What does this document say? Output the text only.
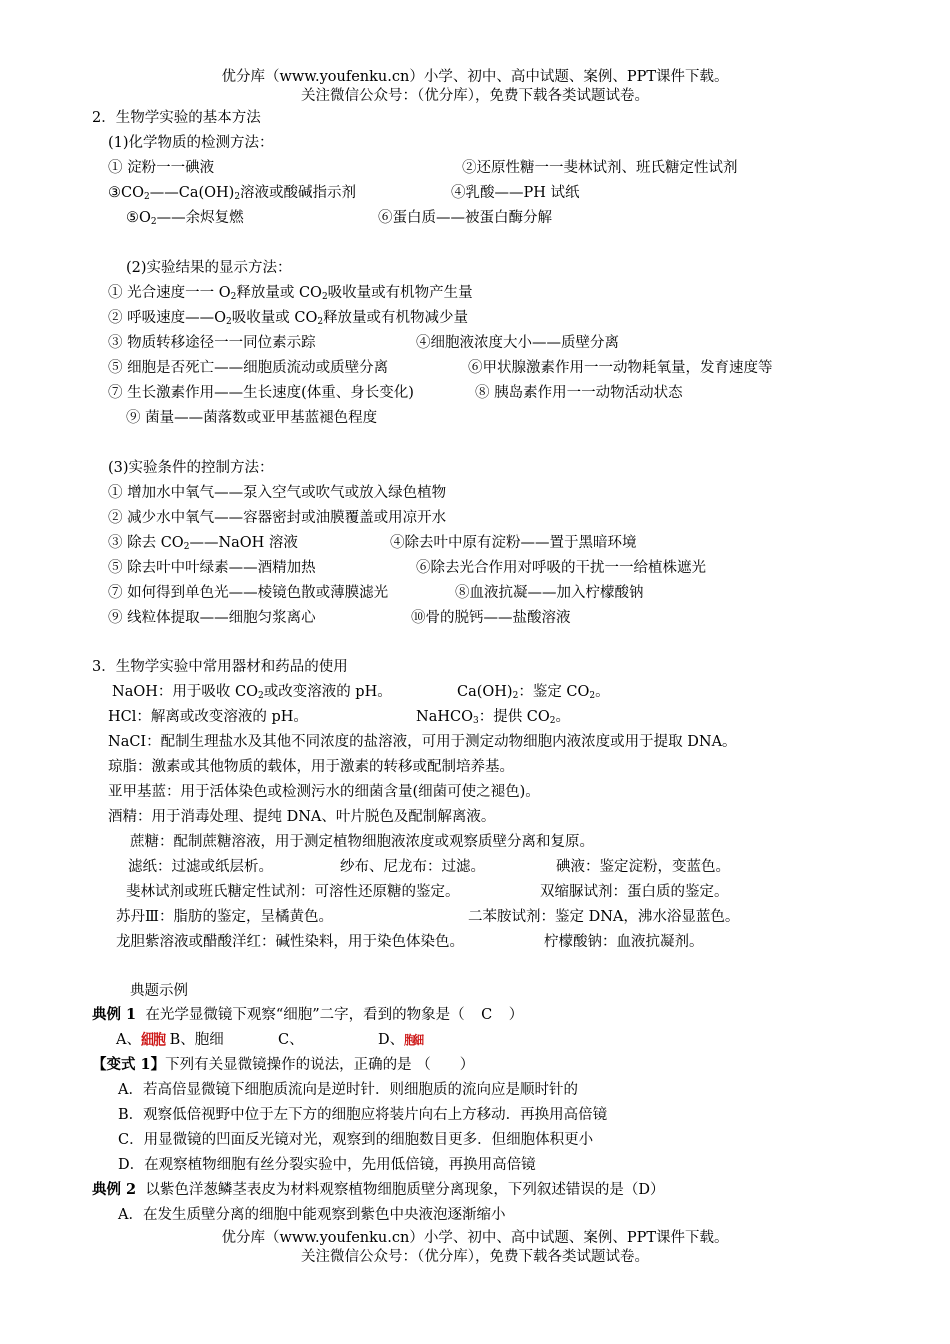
优分库（www.youfenku.cn）小学、初中、高中试题、案例、PPT课件下载。
关注微信公众号：（优分库），免费下载各类试题试卷。
2．生物学实验的基本方法
(1)化学物质的检测方法：
① 淀粉一一碘液	②还原性糖一一斐林试剂、班氏糖定性试剂
$③CO_2——Ca(OH)_2$溶液或酸碱指示剂	④乳酸——PH 试纸
$⑤O_2——$余烬复燃	⑥蛋白质——被蛋白酶分解
(2)实验结果的显示方法：
① 光合速度一一 $O_2$释放量或 $CO_2$吸收量或有机物产生量
② 呼吸速度$——O_2$吸收量或 $CO_2$释放量或有机物减少量
③ 物质转移途径一一同位素示踪	④细胞液浓度大小——质壁分离
⑤ 细胞是否死亡——细胞质流动或质壁分离	⑥甲状腺激素作用一一动物耗氧量，发育速度等
⑦ 生长激素作用——生长速度(体重、身长变化)	⑧ 胰岛素作用一一动物活动状态
⑨ 菌量——菌落数或亚甲基蓝褪色程度
(3)实验条件的控制方法：
① 增加水中氧气——泵入空气或吹气或放入绿色植物
② 减少水中氧气——容器密封或油膜覆盖或用凉开水
③ 除去 $CO_2——NaOH$ 溶液	④除去叶中原有淀粉——置于黑暗环境
⑤ 除去叶中叶绿素——酒精加热	⑥除去光合作用对呼吸的干扰一一给植株遮光
⑦ 如何得到单色光——棱镜色散或薄膜滤光	⑧血液抗凝——加入柠檬酸钠
⑨ 线粒体提取——细胞匀浆离心	⑩骨的脱钙——盐酸溶液
3．生物学实验中常用器材和药品的使用
NaOH：用于吸收 $CO_2$或改变溶液的 pH。	$Ca(OH)_2$：鉴定 $CO_2$。
HCl：解离或改变溶液的 pH。	NaHCO$_3$：提供 $CO_2$。
NaCI：配制生理盐水及其他不同浓度的盐溶液，可用于测定动物细胞内液浓度或用于提取 DNA。
琼脂：激素或其他物质的载体，用于激素的转移或配制培养基。
亚甲基蓝：用于活体染色或检测污水的细菌含量(细菌可使之褪色)。
酒精：用于消毒处理、提纯 DNA、叶片脱色及配制解离液。
蔗糖：配制蔗糖溶液，用于测定植物细胞液浓度或观察质壁分离和复原。
滤纸：过滤或纸层析。	纱布、尼龙布：过滤。	碘液：鉴定淀粉，变蓝色。
斐林试剂或班氏糖定性试剂：可溶性还原糖的鉴定。	双缩脲试剂：蛋白质的鉴定。
苏丹Ⅲ：脂肪的鉴定，呈橘黄色。	二苯胺试剂：鉴定 DNA，沸水浴显蓝色。
龙胆紫溶液或醋酸洋红：碱性染料，用于染色体染色。	柠檬酸钠：血液抗凝剂。
典题示例
典例 1 在光学显微镜下观察“细胞”二字，看到的物象是（ C ）
A、細胞 B、胞细	C、	D、胞細
【变式 1】下列有关显微镜操作的说法，正确的是 （　　）
A．若高倍显微镜下细胞质流向是逆时针．则细胞质的流向应是顺时针的
B．观察低倍视野中位于左下方的细胞应将装片向右上方移动．再换用高倍镜
C．用显微镜的凹面反光镜对光，观察到的细胞数目更多．但细胞体积更小
D．在观察植物细胞有丝分裂实验中，先用低倍镜，再换用高倍镜
典例 2 以紫色洋葱鳞茎表皮为材料观察植物细胞质壁分离现象，下列叙述错误的是（D）
A．在发生质壁分离的细胞中能观察到紫色中央液泡逐渐缩小
优分库（www.youfenku.cn）小学、初中、高中试题、案例、PPT课件下载。
关注微信公众号：（优分库），免费下载各类试题试卷。
